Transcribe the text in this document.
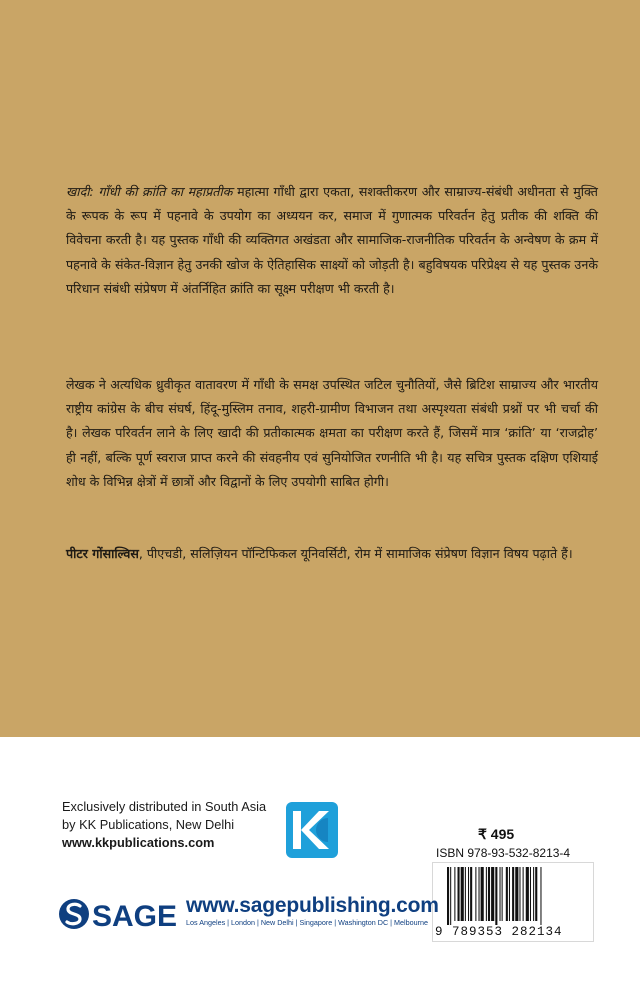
खादी: गाँधी की क्रांति का महाप्रतीक महात्मा गाँधी द्वारा एकता, सशक्तीकरण और साम्राज्य-संबंधी अधीनता से मुक्ति के रूपक के रूप में पहनावे के उपयोग का अध्ययन कर, समाज में गुणात्मक परिवर्तन हेतु प्रतीक की शक्ति की विवेचना करती है। यह पुस्तक गाँधी की व्यक्तिगत अखंडता और सामाजिक-राजनीतिक परिवर्तन के अन्वेषण के क्रम में पहनावे के संकेत-विज्ञान हेतु उनकी खोज के ऐतिहासिक साक्ष्यों को जोड़ती है। बहुविषयक परिप्रेक्ष्य से यह पुस्तक उनके परिधान संबंधी संप्रेषण में अंतर्निहित क्रांति का सूक्ष्म परीक्षण भी करती है।

लेखक ने अत्यधिक ध्रुवीकृत वातावरण में गाँधी के समक्ष उपस्थित जटिल चुनौतियों, जैसे ब्रिटिश साम्राज्य और भारतीय राष्ट्रीय कांग्रेस के बीच संघर्ष, हिंदू-मुस्लिम तनाव, शहरी-ग्रामीण विभाजन तथा अस्पृश्यता संबंधी प्रश्नों पर भी चर्चा की है। लेखक परिवर्तन लाने के लिए खादी की प्रतीकात्मक क्षमता का परीक्षण करते हैं, जिसमें मात्र ‘क्रांति’ या ‘राजद्रोह’ ही नहीं, बल्कि पूर्ण स्वराज प्राप्त करने की संवहनीय एवं सुनियोजित रणनीति भी है। यह सचित्र पुस्तक दक्षिण एशियाई शोध के विभिन्न क्षेत्रों में छात्रों और विद्वानों के लिए उपयोगी साबित होगी।

पीटर गोंसाल्विस, पीएचडी, सलिज़ियन पॉन्टिफिकल यूनिवर्सिटी, रोम में सामाजिक संप्रेषण विज्ञान विषय पढ़ाते हैं।

Exclusively distributed in South Asia
by KK Publications, New Delhi
www.kkpublications.com
₹ 495
ISBN 978-93-532-8213-4
9 789353 282134
SAGE www.sagepublishing.com
Los Angeles | London | New Delhi | Singapore | Washington DC | Melbourne
